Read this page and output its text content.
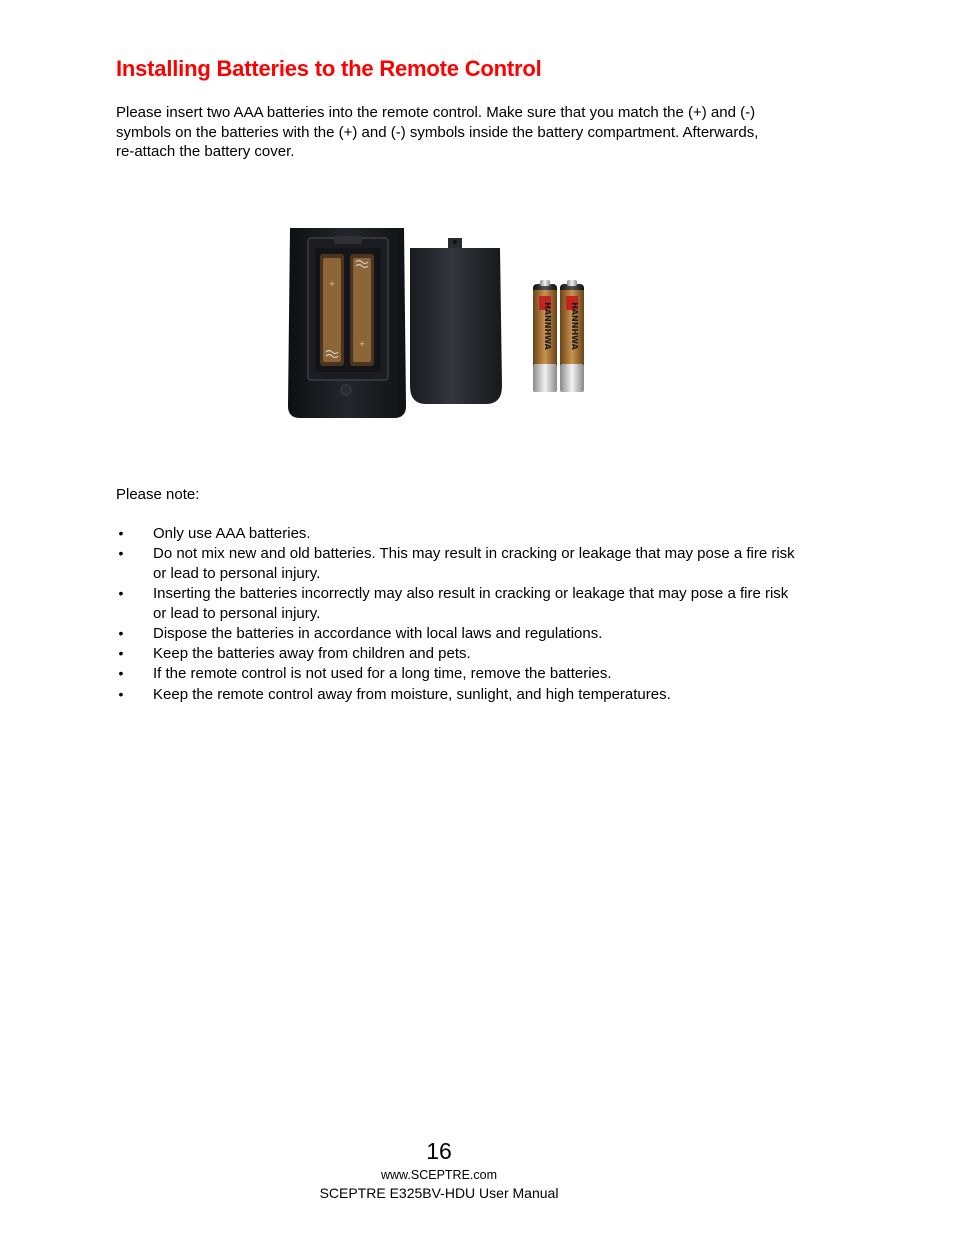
Installing Batteries to the Remote Control

Please insert two AAA batteries into the remote control. Make sure that you match the (+) and (-) symbols on the batteries with the (+) and (-) symbols inside the battery compartment. Afterwards, re-attach the battery cover.

+
+	HANNHWA HANNHWA

Please note:

• Only use AAA batteries.
• Do not mix new and old batteries. This may result in cracking or leakage that may pose a fire risk or lead to personal injury.
• Inserting the batteries incorrectly may also result in cracking or leakage that may pose a fire risk or lead to personal injury.
• Dispose the batteries in accordance with local laws and regulations.
• Keep the batteries away from children and pets.
• If the remote control is not used for a long time, remove the batteries.
• Keep the remote control away from moisture, sunlight, and high temperatures.
16
www.SCEPTRE.com
SCEPTRE E325BV-HDU User Manual
